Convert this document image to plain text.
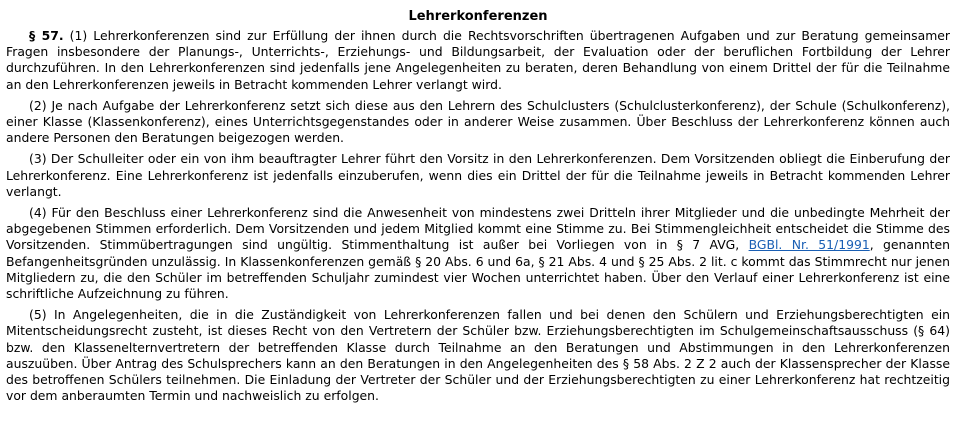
Lehrerkonferenzen

§ 57. (1) Lehrerkonferenzen sind zur Erfüllung der ihnen durch die Rechtsvorschriften übertragenen Aufgaben und zur Beratung gemeinsamer Fragen insbesondere der Planungs-, Unterrichts-, Erziehungs- und Bildungsarbeit, der Evaluation oder der beruflichen Fortbildung der Lehrer durchzuführen. In den Lehrerkonferenzen sind jedenfalls jene Angelegenheiten zu beraten, deren Behandlung von einem Drittel der für die Teilnahme an den Lehrerkonferenzen jeweils in Betracht kommenden Lehrer verlangt wird.

(2) Je nach Aufgabe der Lehrerkonferenz setzt sich diese aus den Lehrern des Schulclusters (Schulclusterkonferenz), der Schule (Schulkonferenz), einer Klasse (Klassenkonferenz), eines Unterrichtsgegenstandes oder in anderer Weise zusammen. Über Beschluss der Lehrerkonferenz können auch andere Personen den Beratungen beigezogen werden.

(3) Der Schulleiter oder ein von ihm beauftragter Lehrer führt den Vorsitz in den Lehrerkonferenzen. Dem Vorsitzenden obliegt die Einberufung der Lehrerkonferenz. Eine Lehrerkonferenz ist jedenfalls einzuberufen, wenn dies ein Drittel der für die Teilnahme jeweils in Betracht kommenden Lehrer verlangt.

(4) Für den Beschluss einer Lehrerkonferenz sind die Anwesenheit von mindestens zwei Dritteln ihrer Mitglieder und die unbedingte Mehrheit der abgegebenen Stimmen erforderlich. Dem Vorsitzenden und jedem Mitglied kommt eine Stimme zu. Bei Stimmengleichheit entscheidet die Stimme des Vorsitzenden. Stimmübertragungen sind ungültig. Stimmenthaltung ist außer bei Vorliegen von in § 7 AVG, BGBl. Nr. 51/1991, genannten Befangenheitsgründen unzulässig. In Klassenkonferenzen gemäß § 20 Abs. 6 und 6a, § 21 Abs. 4 und § 25 Abs. 2 lit. c kommt das Stimmrecht nur jenen Mitgliedern zu, die den Schüler im betreffenden Schuljahr zumindest vier Wochen unterrichtet haben. Über den Verlauf einer Lehrerkonferenz ist eine schriftliche Aufzeichnung zu führen.

(5) In Angelegenheiten, die in die Zuständigkeit von Lehrerkonferenzen fallen und bei denen den Schülern und Erziehungsberechtigten ein Mitentscheidungsrecht zusteht, ist dieses Recht von den Vertretern der Schüler bzw. Erziehungsberechtigten im Schulgemeinschaftsausschuss (§ 64) bzw. den Klassenelternvertretern der betreffenden Klasse durch Teilnahme an den Beratungen und Abstimmungen in den Lehrerkonferenzen auszuüben. Über Antrag des Schulsprechers kann an den Beratungen in den Angelegenheiten des § 58 Abs. 2 Z 2 auch der Klassensprecher der Klasse des betroffenen Schülers teilnehmen. Die Einladung der Vertreter der Schüler und der Erziehungsberechtigten zu einer Lehrerkonferenz hat rechtzeitig vor dem anberaumten Termin und nachweislich zu erfolgen.
